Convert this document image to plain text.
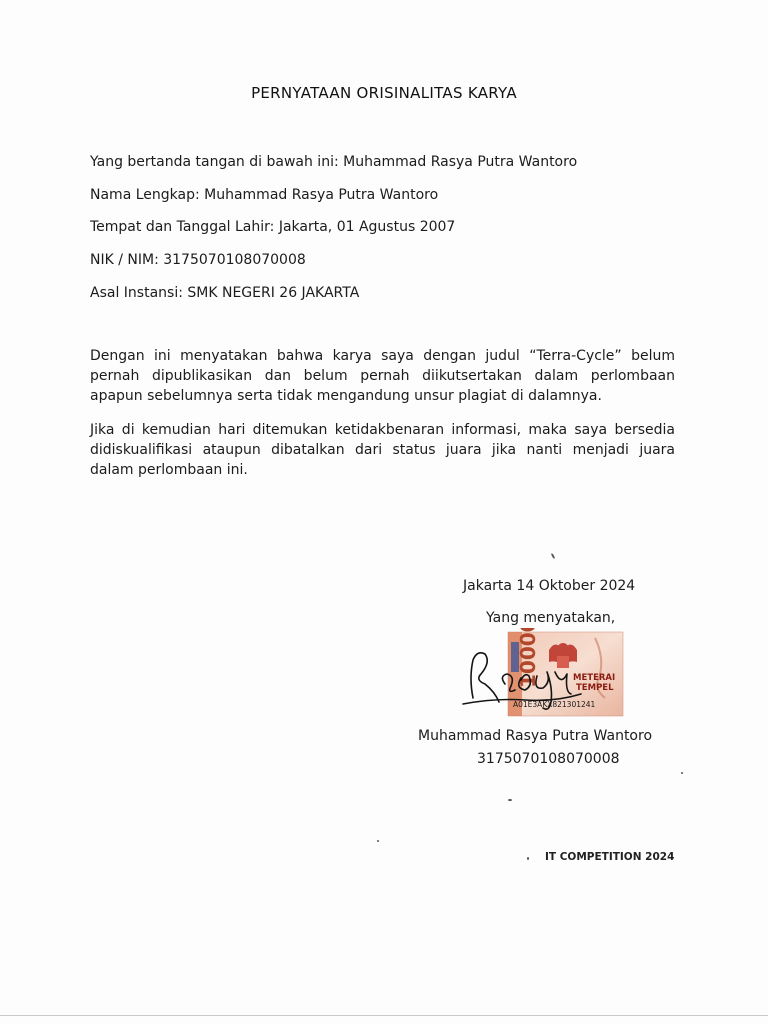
PERNYATAAN ORISINALITAS KARYA
Yang bertanda tangan di bawah ini: Muhammad Rasya Putra Wantoro
Nama Lengkap: Muhammad Rasya Putra Wantoro
Tempat dan Tanggal Lahir: Jakarta, 01 Agustus 2007
NIK / NIM: 3175070108070008
Asal Instansi: SMK NEGERI 26 JAKARTA
Dengan ini menyatakan bahwa karya saya dengan judul “Terra-Cycle” belum
pernah dipublikasikan dan belum pernah diikutsertakan dalam perlombaan
apapun sebelumnya serta tidak mengandung unsur plagiat di dalamnya.
Jika di kemudian hari ditemukan ketidakbenaran informasi, maka saya bersedia
didiskualifikasi ataupun dibatalkan dari status juara jika nanti menjadi juara
dalam perlombaan ini.
Jakarta 14 Oktober 2024
Yang menyatakan,
10000	METERAI
TEMPEL
A01E3AKX821301241
Muhammad Rasya Putra Wantoro
3175070108070008
IT COMPETITION 2024
